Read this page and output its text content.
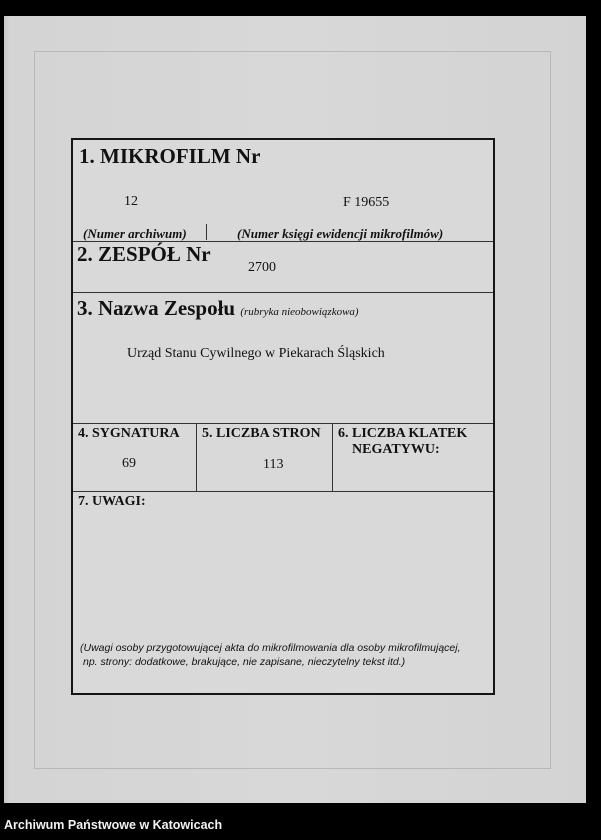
1. MIKROFILM Nr
12	F 19655
(Numer archiwum)	(Numer księgi ewidencji mikrofilmów)
2. ZESPÓŁ Nr
2700
3. Nazwa Zespołu (rubryka nieobowiązkowa)
Urząd Stanu Cywilnego w Piekarach Śląskich
4. SYGNATURA
69
5. LICZBA STRON
113
6. LICZBA KLATEK
NEGATYWU:
7. UWAGI:
(Uwagi osoby przygotowującej akta do mikrofilmowania dla osoby mikrofilmującej,
np. strony: dodatkowe, brakujące, nie zapisane, nieczytelny tekst itd.)
Archiwum Państwowe w Katowicach
